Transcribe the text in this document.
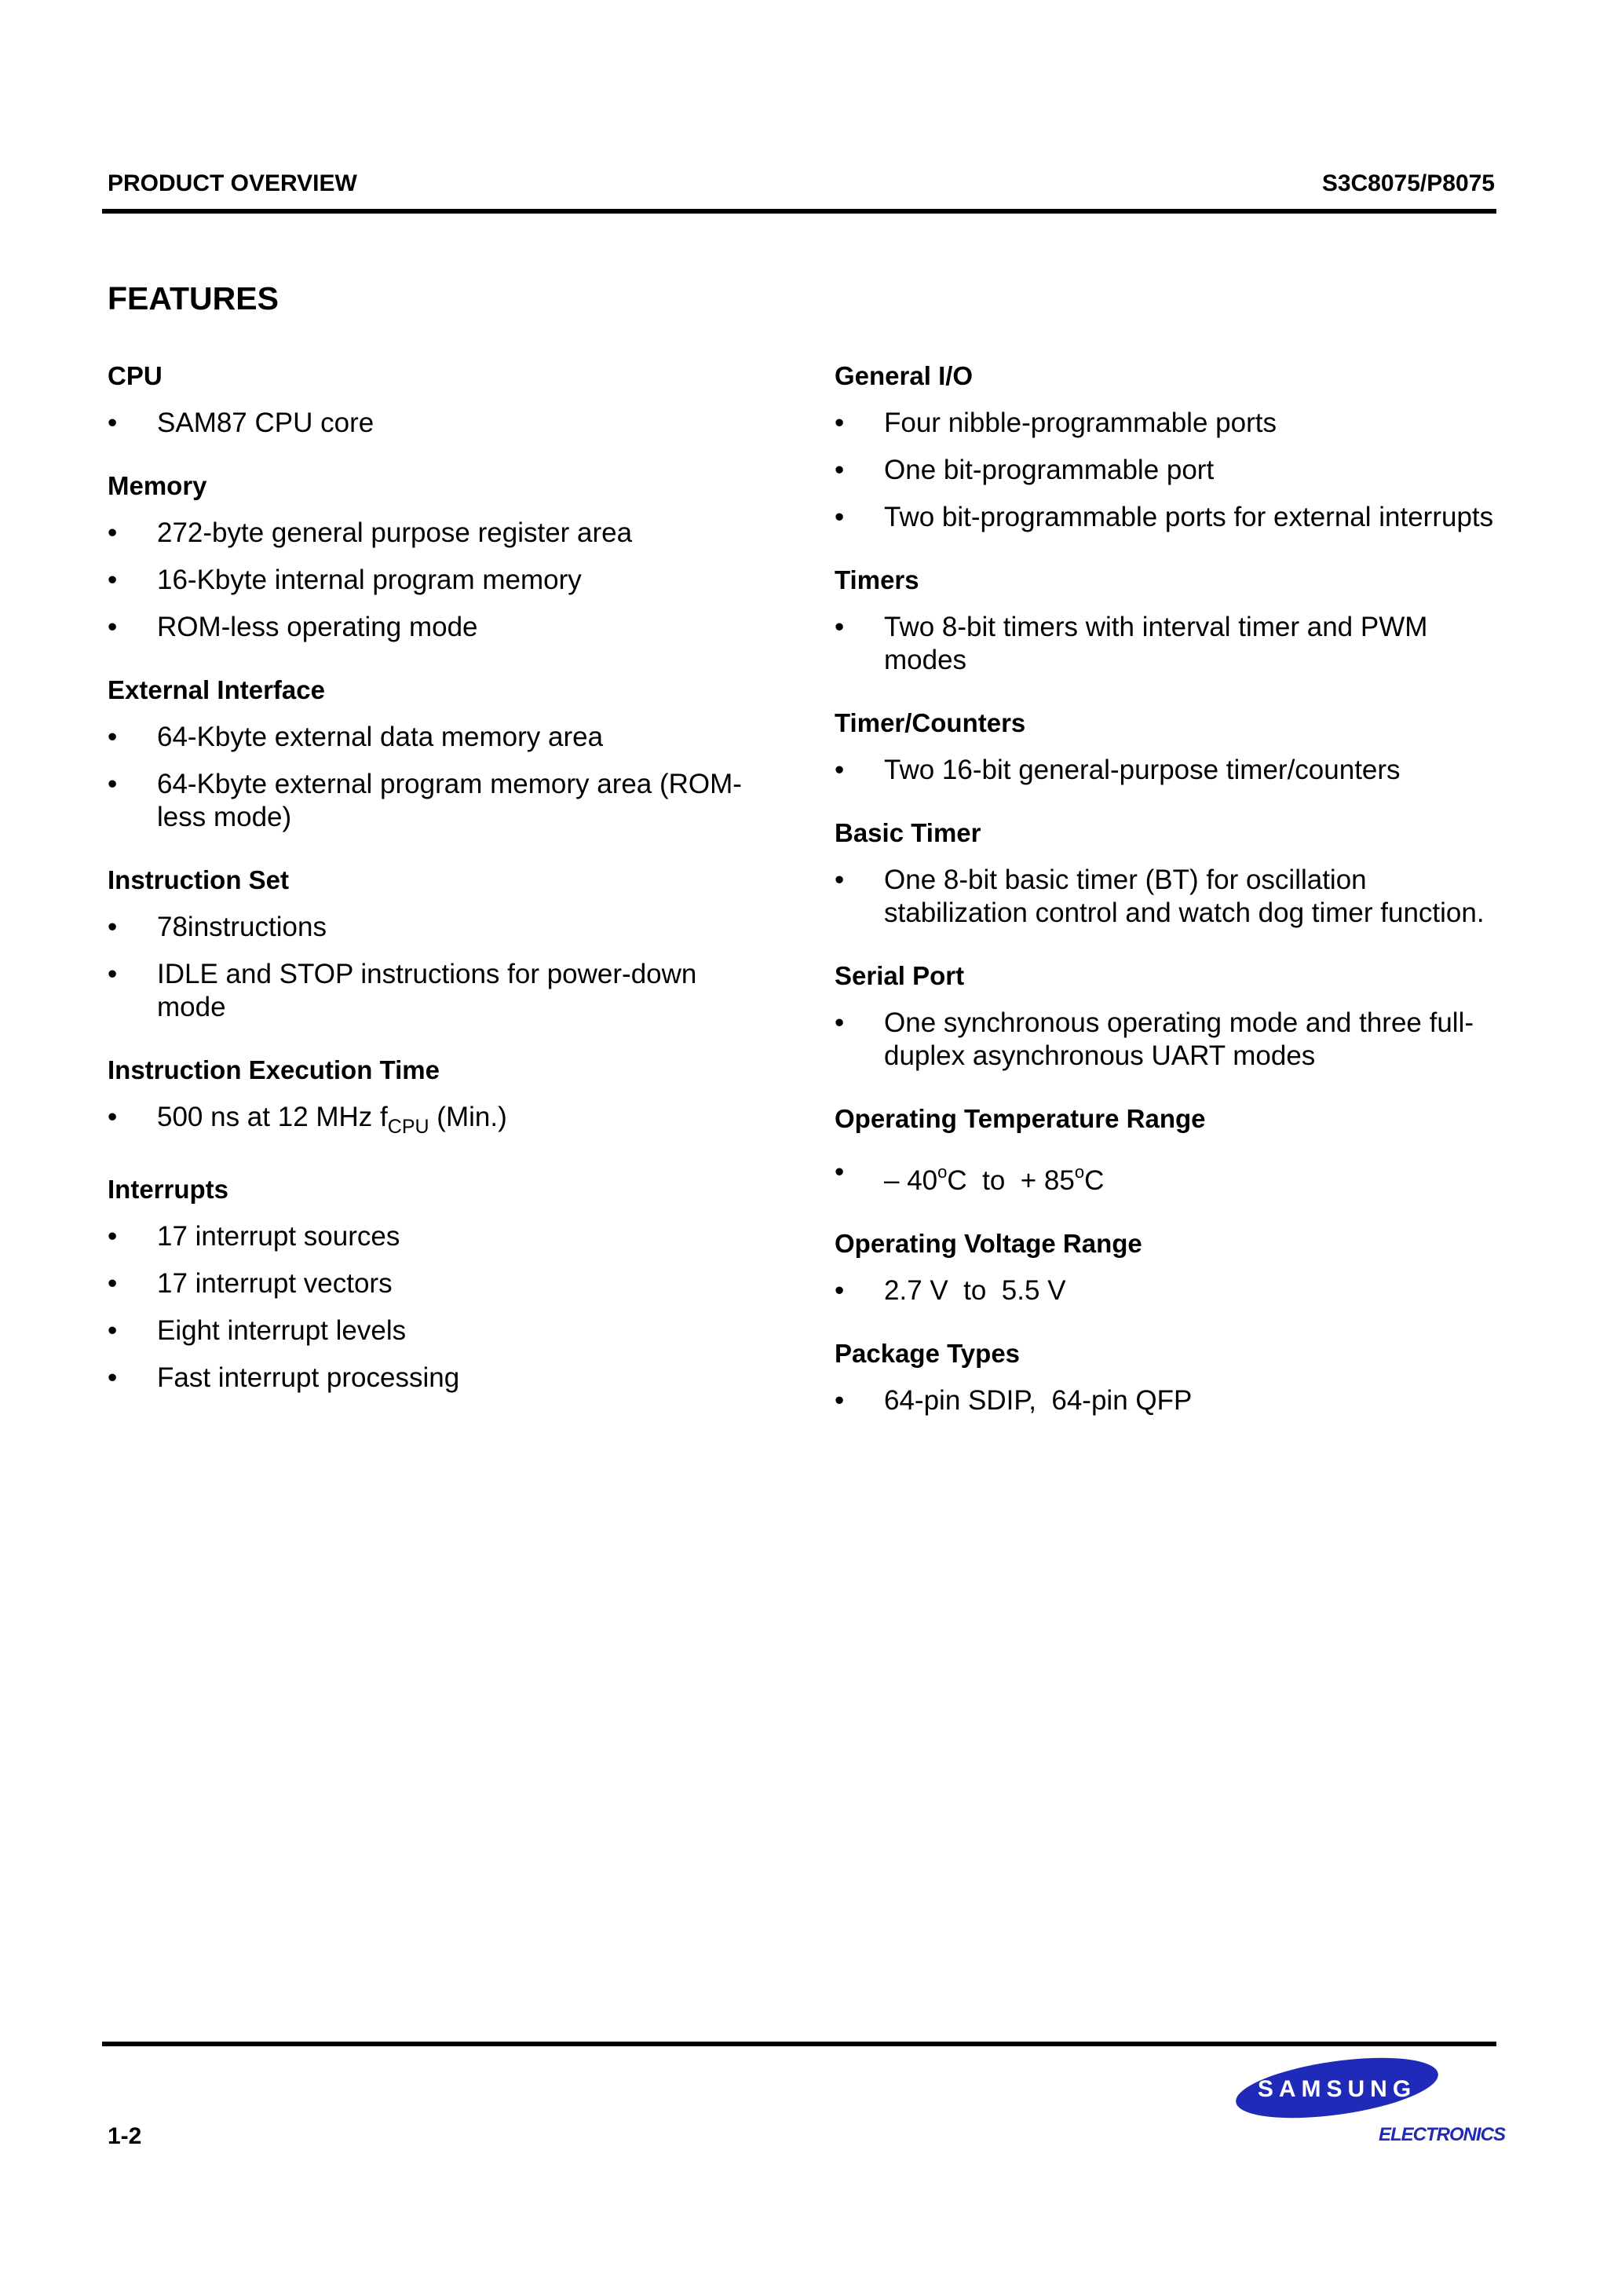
PRODUCT OVERVIEW	S3C8075/P8075
FEATURES
CPU
•	SAM87 CPU core
Memory
•	272-byte general purpose register area
•	16-Kbyte internal program memory
•	ROM-less operating mode
External Interface
•	64-Kbyte external data memory area
•	64-Kbyte external program memory area (ROM-less mode)
Instruction Set
•	78instructions
•	IDLE and STOP instructions for power-down mode
Instruction Execution Time
•	500 ns at 12 MHz $f_{CPU}$ (Min.)
Interrupts
•	17 interrupt sources
•	17 interrupt vectors
•	Eight interrupt levels
•	Fast interrupt processing
General I/O
•	Four nibble-programmable ports
•	One bit-programmable port
•	Two bit-programmable ports for external interrupts
Timers
•	Two 8-bit timers with interval timer and PWM modes
Timer/Counters
•	Two 16-bit general-purpose timer/counters
Basic Timer
•	One 8-bit basic timer (BT) for oscillation stabilization control and watch dog timer function.
Serial Port
•	One synchronous operating mode and three full-duplex asynchronous UART modes
Operating Temperature Range
•	– 40$^o$C to + $85^oC$
Operating Voltage Range
•	2.7 V  to  5.5 V
Package Types
•	64-pin SDIP,  64-pin QFP
1-2
SAMSUNG
ELECTRONICS
